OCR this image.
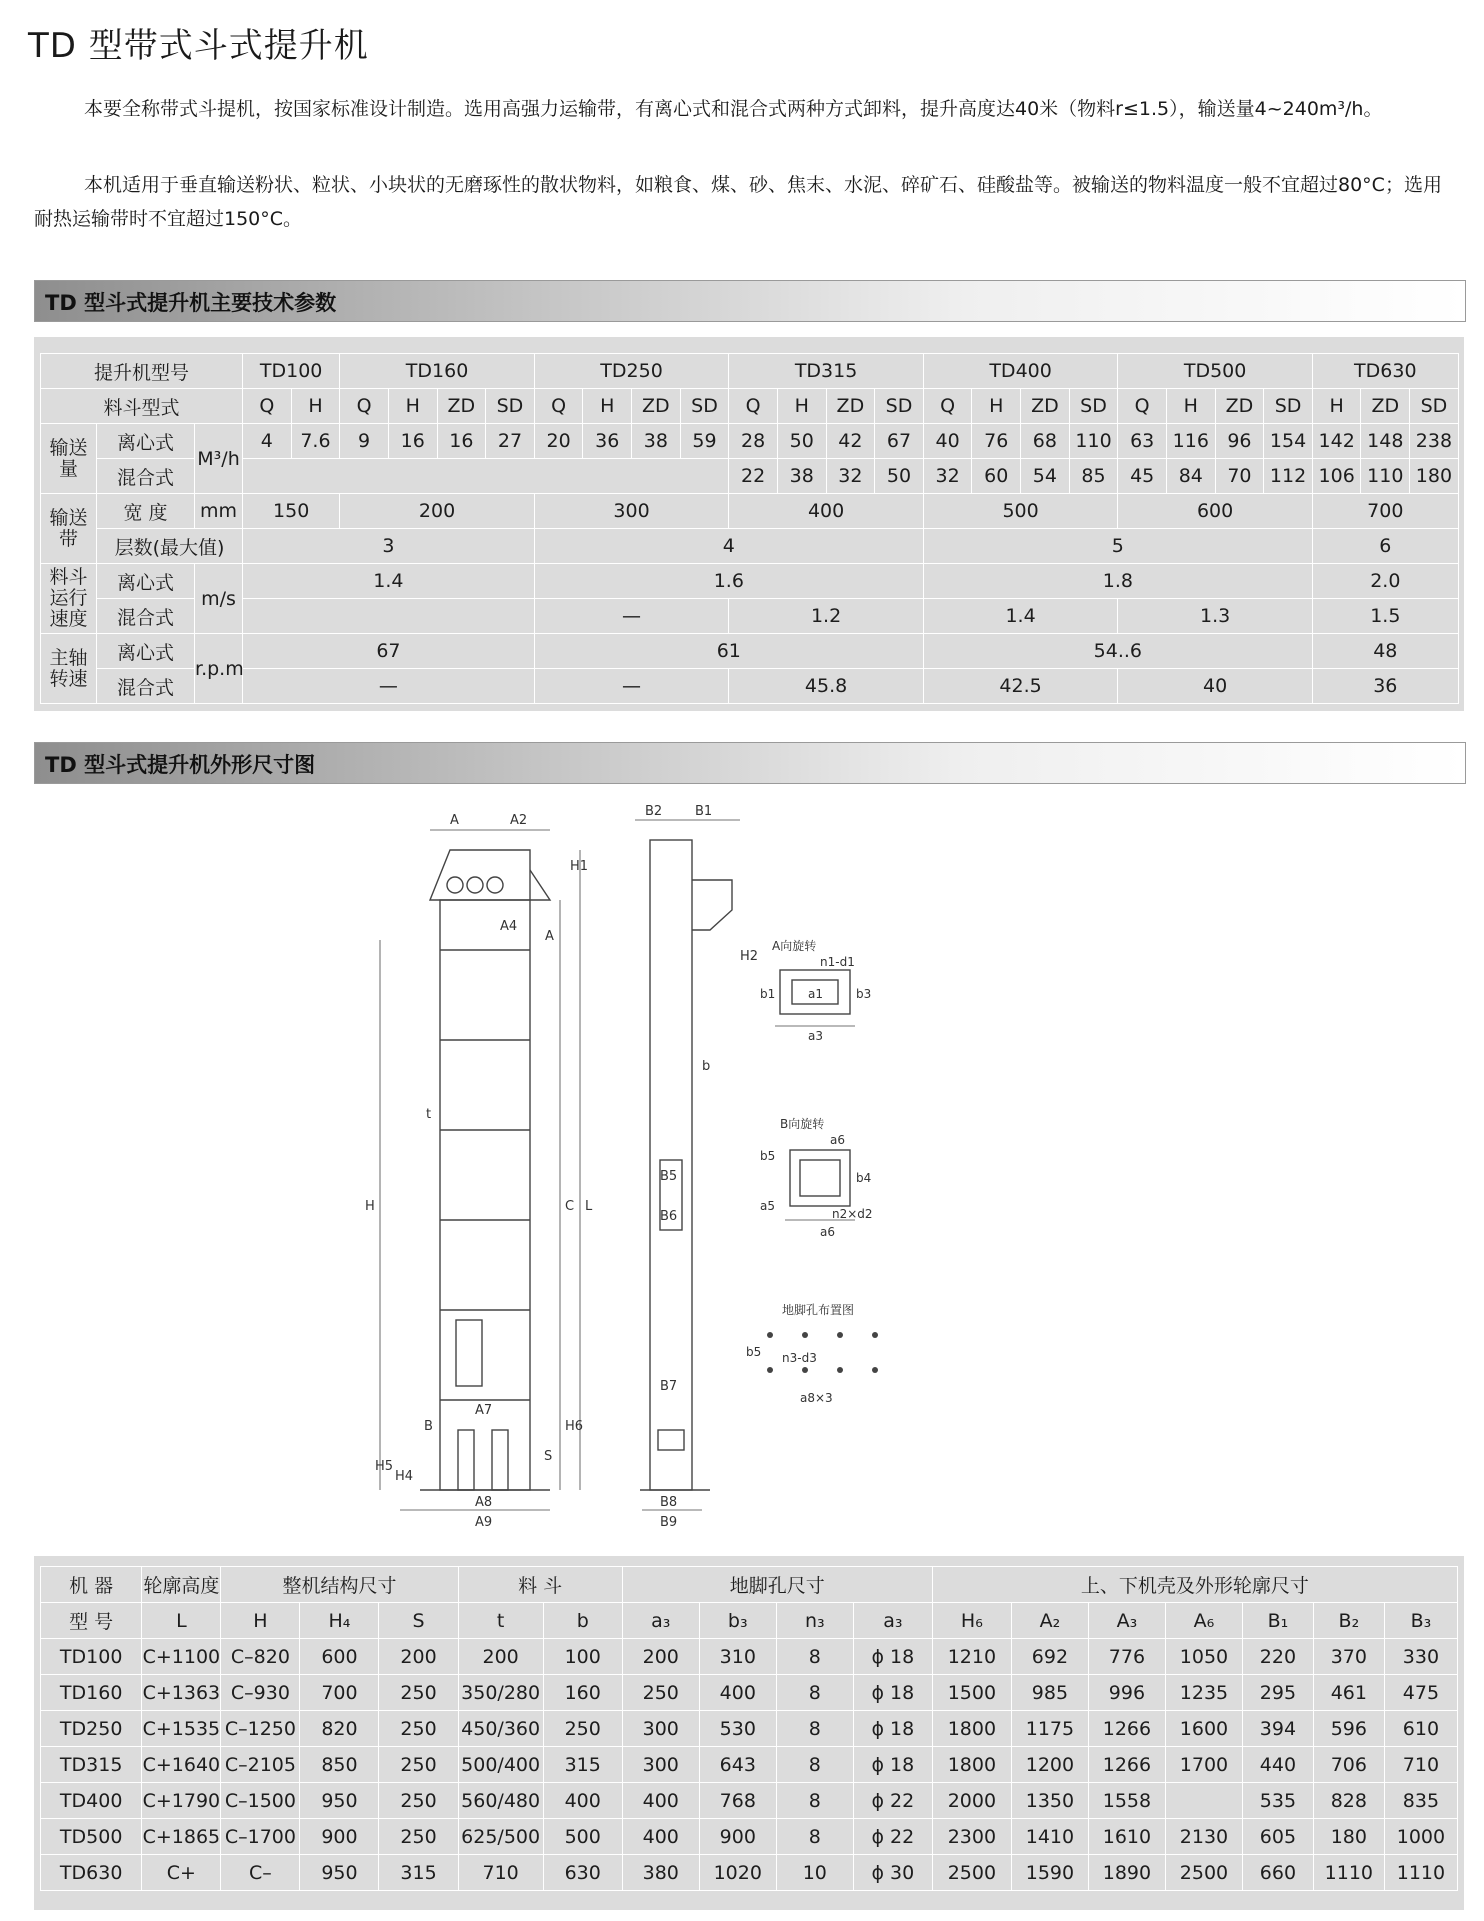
TD 型带式斗式提升机
本要全称带式斗提机，按国家标准设计制造。选用高强力运输带，有离心式和混合式两种方式卸料，提升高度达40米（物料r≤1.5），输送量4~240m³/h。
本机适用于垂直输送粉状、粒状、小块状的无磨琢性的散状物料，如粮食、煤、砂、焦末、水泥、碎矿石、硅酸盐等。被输送的物料温度一般不宜超过80°C；选用耐热运输带时不宜超过150°C。
TD 型斗式提升机主要技术参数
提升机型号			TD100		TD160				TD250				TD315				TD400				TD500				TD630		
料斗型式			Q	H	Q	H	ZD	SD	Q	H	ZD	SD	Q	H	ZD	SD	Q	H	ZD	SD	Q	H	ZD	SD	H	ZD	SD
输送量	离心式	M³/h	4	7.6	9	16	16	27	20	36	38	59	28	50	42	67	40	76	68	110	63	116	96	154	142	148	238
	混合式												22	38	32	50	32	60	54	85	45	84	70	112	106	110	180
输送带	宽 度	mm	150		200				300				400				500				600				700		
	层数(最大值)		3						4								5								6		
料斗运行速度	离心式	m/s	1.4						1.6								1.8								2.0		
	混合式								—				1.2				1.4				1.3				1.5		
主轴转速	离心式	r.p.m	67						61								54..6								48		
	混合式		—						—				45.8				42.5				40				36		
TD 型斗式提升机外形尺寸图
A	A2
H1
A4
A
H	C L
t
A7
B	H6
S
H5
H4
A8
A9
B2	B1
H2
b
B5
B6
B7
B8
B9
A向旋转
n1-d1
a1
b1	b3
a3
B向旋转
a6
b5
b4
a5
n2×d2
a6
地脚孔布置图
b5 n3-d3
a8×3
机 器	轮廓高度	整机结构尺寸			料 斗		地脚孔尺寸				上、下机壳及外形轮廓尺寸						
型 号	L	H	H₄	S	t	b	a₃	b₃	n₃	a₃	H₆	A₂	A₃	A₆	B₁	B₂	B₃
TD100	C+1100	C–820	600	200	200	100	200	310	8	ϕ 18	1210	692	776	1050	220	370	330
TD160	C+1363	C–930	700	250	350/280	160	250	400	8	ϕ 18	1500	985	996	1235	295	461	475
TD250	C+1535	C–1250	820	250	450/360	250	300	530	8	ϕ 18	1800	1175	1266	1600	394	596	610
TD315	C+1640	C–2105	850	250	500/400	315	300	643	8	ϕ 18	1800	1200	1266	1700	440	706	710
TD400	C+1790	C–1500	950	250	560/480	400	400	768	8	ϕ 22	2000	1350	1558		535	828	835
TD500	C+1865	C–1700	900	250	625/500	500	400	900	8	ϕ 22	2300	1410	1610	2130	605	180	1000
TD630	C+	C–	950	315	710	630	380	1020	10	ϕ 30	2500	1590	1890	2500	660	1110	1110
